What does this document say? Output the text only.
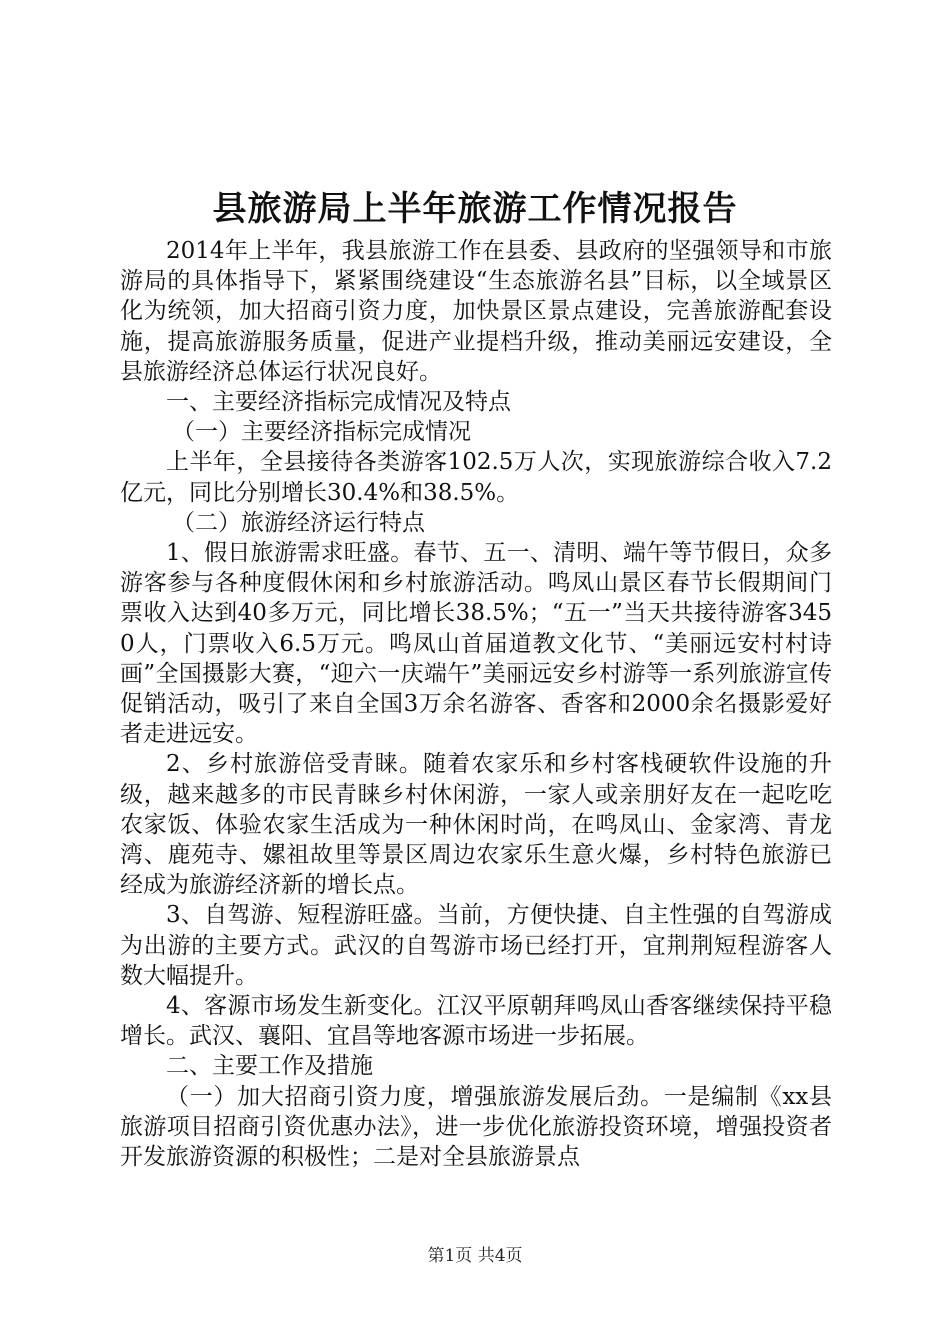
县旅游局上半年旅游工作情况报告

2014年上半年，我县旅游工作在县委、县政府的坚强领导和市旅游局的具体指导下，紧紧围绕建设“生态旅游名县”目标，以全域景区化为统领，加大招商引资力度，加快景区景点建设，完善旅游配套设施，提高旅游服务质量，促进产业提档升级，推动美丽远安建设，全县旅游经济总体运行状况良好。

一、主要经济指标完成情况及特点

（一）主要经济指标完成情况

上半年，全县接待各类游客102.5万人次，实现旅游综合收入7.2亿元，同比分别增长30.4%和38.5%。

（二）旅游经济运行特点

1、假日旅游需求旺盛。春节、五一、清明、端午等节假日，众多游客参与各种度假休闲和乡村旅游活动。鸣凤山景区春节长假期间门票收入达到40多万元，同比增长38.5%；“五一”当天共接待游客3450人，门票收入6.5万元。鸣凤山首届道教文化节、“美丽远安村村诗画”全国摄影大赛，“迎六一庆端午”美丽远安乡村游等一系列旅游宣传促销活动，吸引了来自全国3万余名游客、香客和2000余名摄影爱好者走进远安。

2、乡村旅游倍受青睐。随着农家乐和乡村客栈硬软件设施的升级，越来越多的市民青睐乡村休闲游，一家人或亲朋好友在一起吃吃农家饭、体验农家生活成为一种休闲时尚，在鸣凤山、金家湾、青龙湾、鹿苑寺、嫘祖故里等景区周边农家乐生意火爆，乡村特色旅游已经成为旅游经济新的增长点。

3、自驾游、短程游旺盛。当前，方便快捷、自主性强的自驾游成为出游的主要方式。武汉的自驾游市场已经打开，宜荆荆短程游客人数大幅提升。

4、客源市场发生新变化。江汉平原朝拜鸣凤山香客继续保持平稳增长。武汉、襄阳、宜昌等地客源市场进一步拓展。

二、主要工作及措施

（一）加大招商引资力度，增强旅游发展后劲。一是编制《xx县旅游项目招商引资优惠办法》，进一步优化旅游投资环境，增强投资者开发旅游资源的积极性；二是对全县旅游景点

第1页 共4页
